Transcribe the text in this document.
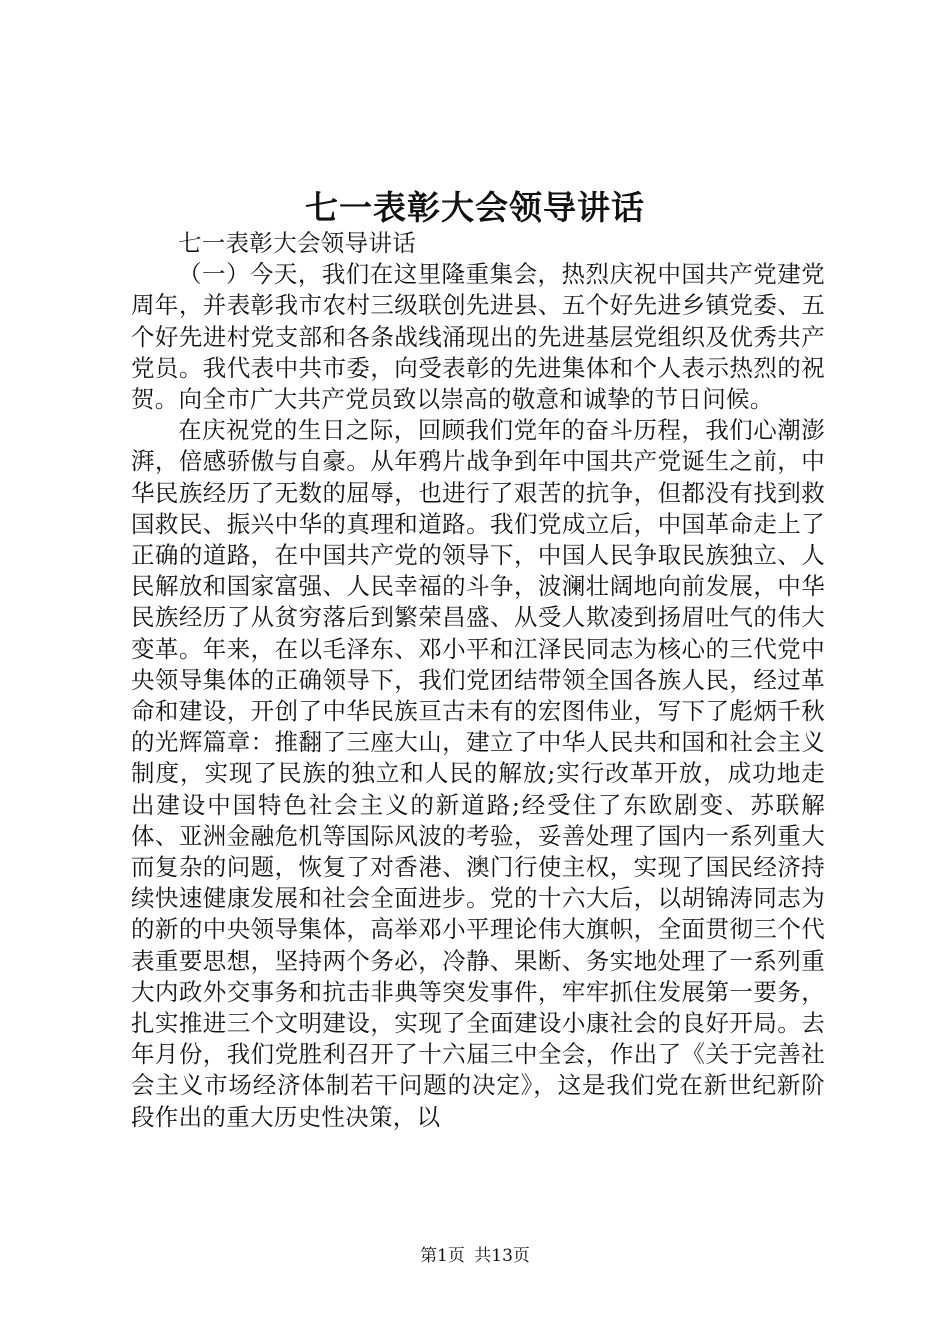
七一表彰大会领导讲话

七一表彰大会领导讲话

（一）今天，我们在这里隆重集会，热烈庆祝中国共产党建党周年，并表彰我市农村三级联创先进县、五个好先进乡镇党委、五个好先进村党支部和各条战线涌现出的先进基层党组织及优秀共产党员。我代表中共市委，向受表彰的先进集体和个人表示热烈的祝贺。向全市广大共产党员致以崇高的敬意和诚挚的节日问候。

在庆祝党的生日之际，回顾我们党年的奋斗历程，我们心潮澎湃，倍感骄傲与自豪。从年鸦片战争到年中国共产党诞生之前，中华民族经历了无数的屈辱，也进行了艰苦的抗争，但都没有找到救国救民、振兴中华的真理和道路。我们党成立后，中国革命走上了正确的道路，在中国共产党的领导下，中国人民争取民族独立、人民解放和国家富强、人民幸福的斗争，波澜壮阔地向前发展，中华民族经历了从贫穷落后到繁荣昌盛、从受人欺凌到扬眉吐气的伟大变革。年来，在以毛泽东、邓小平和江泽民同志为核心的三代党中央领导集体的正确领导下，我们党团结带领全国各族人民，经过革命和建设，开创了中华民族亘古未有的宏图伟业，写下了彪炳千秋的光辉篇章：推翻了三座大山，建立了中华人民共和国和社会主义制度，实现了民族的独立和人民的解放;实行改革开放，成功地走出建设中国特色社会主义的新道路;经受住了东欧剧变、苏联解体、亚洲金融危机等国际风波的考验，妥善处理了国内一系列重大而复杂的问题，恢复了对香港、澳门行使主权，实现了国民经济持续快速健康发展和社会全面进步。党的十六大后，以胡锦涛同志为的新的中央领导集体，高举邓小平理论伟大旗帜，全面贯彻三个代表重要思想，坚持两个务必，冷静、果断、务实地处理了一系列重大内政外交事务和抗击非典等突发事件，牢牢抓住发展第一要务，扎实推进三个文明建设，实现了全面建设小康社会的良好开局。去年月份，我们党胜利召开了十六届三中全会，作出了《关于完善社会主义市场经济体制若干问题的决定》，这是我们党在新世纪新阶段作出的重大历史性决策，以

第1页 共13页
